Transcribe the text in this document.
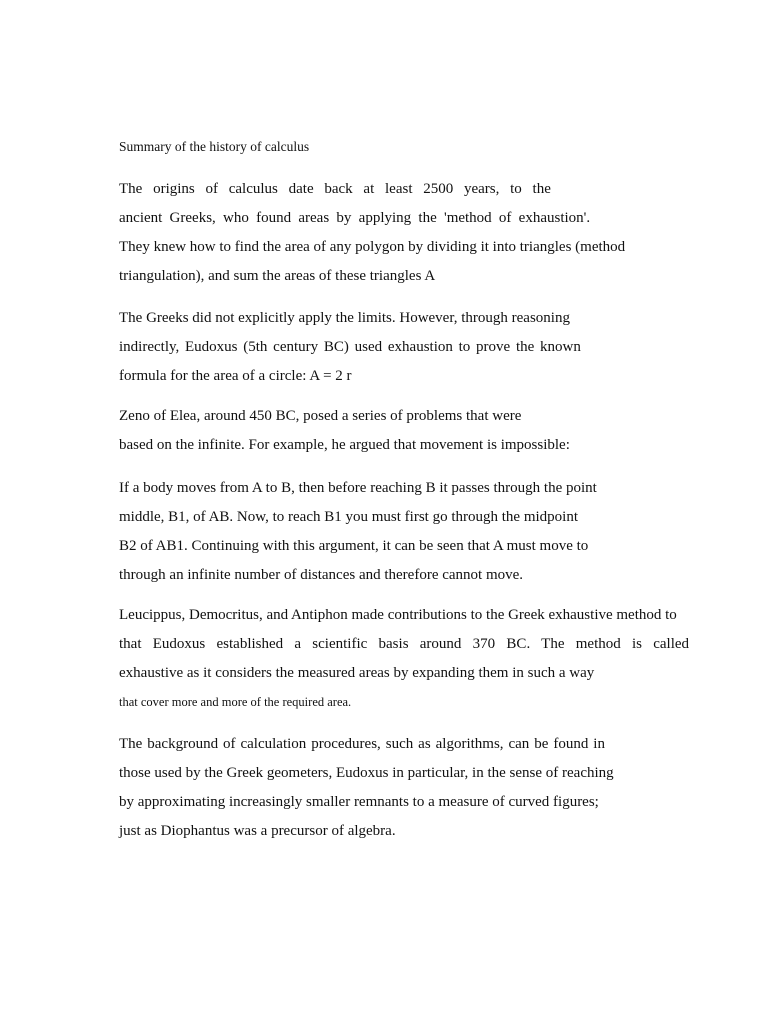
Summary of the history of calculus
The origins of calculus date back at least 2500 years, to the
ancient Greeks, who found areas by applying the 'method of exhaustion'.
They knew how to find the area of any polygon by dividing it into triangles (method
triangulation), and sum the areas of these triangles A
The Greeks did not explicitly apply the limits. However, through reasoning
indirectly, Eudoxus (5th century BC) used exhaustion to prove the known
formula for the area of a circle: A = 2 r
Zeno of Elea, around 450 BC, posed a series of problems that were
based on the infinite. For example, he argued that movement is impossible:
If a body moves from A to B, then before reaching B it passes through the point
middle, B1, of AB. Now, to reach B1 you must first go through the midpoint
B2 of AB1. Continuing with this argument, it can be seen that A must move to
through an infinite number of distances and therefore cannot move.
Leucippus, Democritus, and Antiphon made contributions to the Greek exhaustive method to
that Eudoxus established a scientific basis around 370 BC. The method is called
exhaustive as it considers the measured areas by expanding them in such a way
that cover more and more of the required area.
The background of calculation procedures, such as algorithms, can be found in
those used by the Greek geometers, Eudoxus in particular, in the sense of reaching
by approximating increasingly smaller remnants to a measure of curved figures;
just as Diophantus was a precursor of algebra.
